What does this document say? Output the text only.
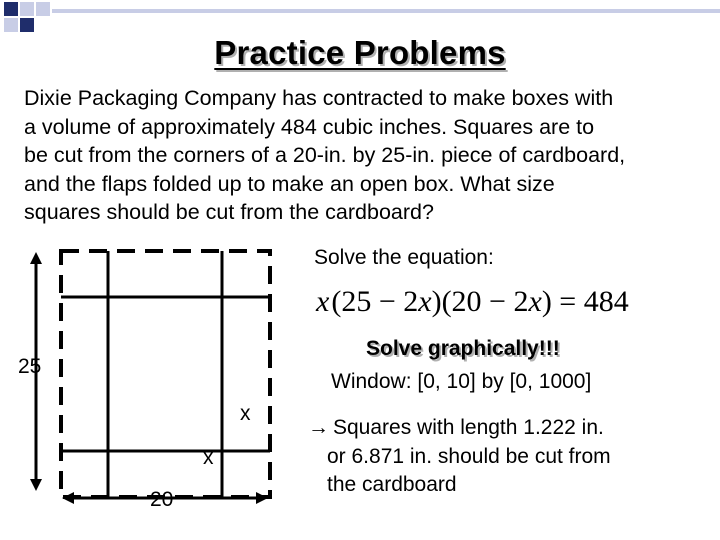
Practice Problems

Dixie Packaging Company has contracted to make boxes with
a volume of approximately 484 cubic inches. Squares are to
be cut from the corners of a 20-in. by 25-in. piece of cardboard,
and the flaps folded up to make an open box. What size
squares should be cut from the cardboard?

25
20
x
x
Solve the equation:
x(25 − 2x)(20 − 2x) = 484
Solve graphically!!!
Window: [0, 10] by [0, 1000]
→ Squares with length 1.222 in.
or 6.871 in. should be cut from
the cardboard
